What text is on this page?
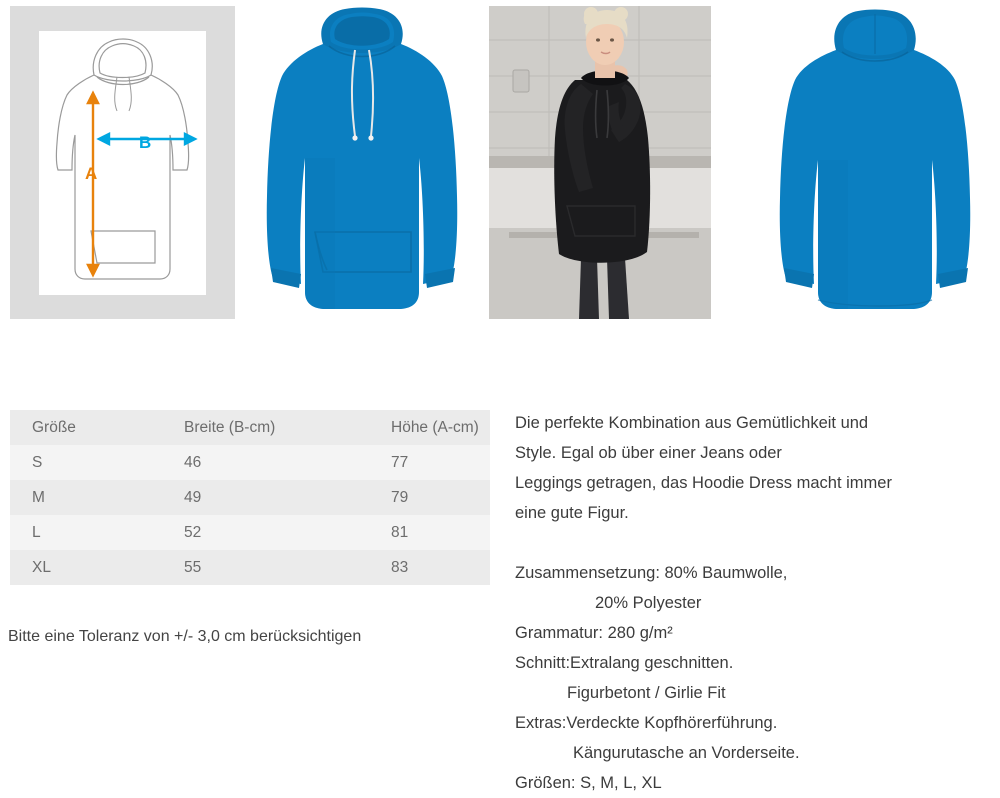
B
A
Größe	Breite (B-cm)	Höhe (A-cm)
S	46	77
M	49	79
L	52	81
XL	55	83
Bitte eine Toleranz von +/- 3,0 cm berücksichtigen

Die perfekte Kombination aus Gemütlichkeit und

Style. Egal ob über einer Jeans oder

Leggings getragen, das Hoodie Dress macht immer

eine gute Figur.

Zusammensetzung: 80% Baumwolle,

20% Polyester

Grammatur: 280 g/m²

Schnitt:Extralang geschnitten.

Figurbetont / Girlie Fit

Extras:Verdeckte Kopfhörerführung.

Kängurutasche an Vorderseite.

Größen: S, M, L, XL
